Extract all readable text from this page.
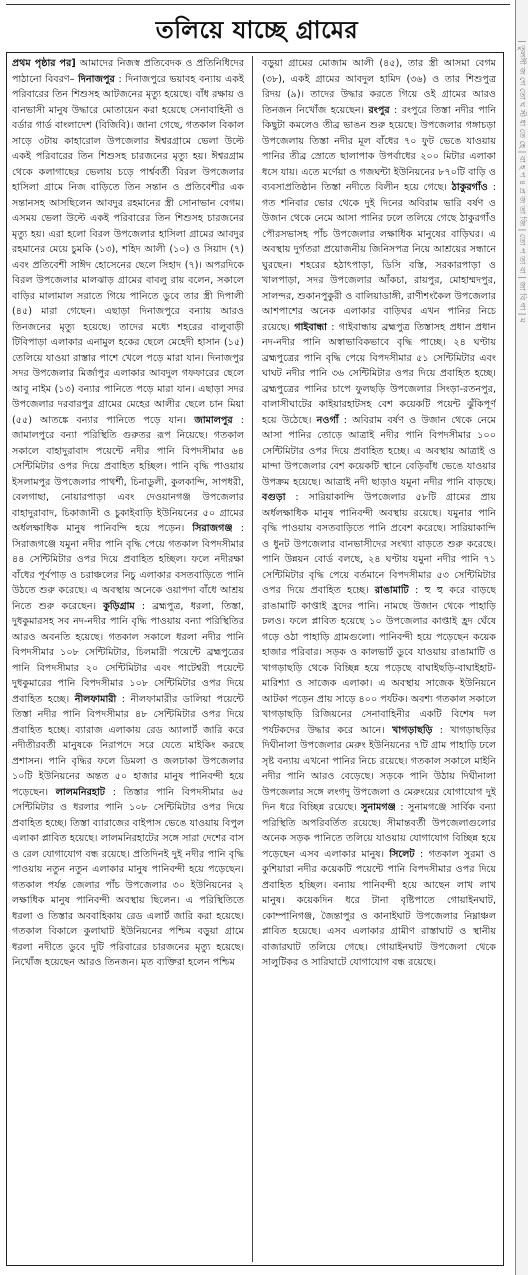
তলিয়ে যাচ্ছে গ্রামের

প্রথম পৃষ্ঠার পর] আমাদের নিজস্ব প্রতিবেদক ও প্রতিনিধিদের পাঠানো বিবরণ– দিনাজপুর : দিনাজপুরে ভয়াবহ বন্যায় একই পরিবারের তিন শিশুসহ আটজনের মৃত্যু হয়েছে। বাঁধ রক্ষায় ও বানভাসী মানুষ উদ্ধারে মোতায়েন করা হয়েছে সেনাবাহিনী ও বর্ডার গার্ড বাংলাদেশ (বিজিবি)। জানা গেছে, গতকাল বিকাল সাড়ে ৩টায় কাহারোল উপজেলার ঈশ্বরগ্রামে ভেলা উল্টে একই পরিবারের তিন শিশুসহ চারজনের মৃত্যু হয়। ঈশ্বরগ্রাম থেকে কলাগাছের ভেলায় চড়ে পার্শ্ববর্তী বিরল উপজেলার হাসিলা গ্রামে নিজ বাড়িতে তিন সন্তান ও প্রতিবেশীর এক সন্তানসহ আসছিলেন আবদুর রহমানের স্ত্রী সোনাভান বেগম। এসময় ভেলা উল্টে একই পরিবারের তিন শিশুসহ চারজনের মৃত্যু হয়। এরা হলো বিরল উপজেলার হাসিলা গ্রামের আবদুর রহমানের মেয়ে চুমকি (১৩), শহিদ আলী (১০) ও সিয়াদ (৭) এবং প্রতিবেশী সাঈদ হোসেনের ছেলে সিহাদ (৭)। অপরদিকে বিরল উপজেলার মালঝাড় গ্রামের বাবলু রায় বলেন, সকালে বাড়ির মালামাল সরাতে গিয়ে পানিতে ডুবে তার স্ত্রী দিপালী (৪৫) মারা গেছেন। এছাড়া দিনাজপুরে বন্যায় আরও তিনজনের মৃত্যু হয়েছে। তাদের মধ্যে শহরের বালুবাড়ী টিবিপাড়া এলাকার এনামুল হকের ছেলে মেহেদী হাসান (১৫) তেলিয়ে যাওয়া রাস্তার পাশে খেলে পড়ে মারা যান। দিনাজপুর সদর উপজেলার মির্জাপুর এলাকার আবদুল গফফারের ছেলে আবু নাইম (১৩) বন্যার পানিতে পড়ে মারা যান। এছাড়া সদর উপজেলার দরবারপুর গ্রামের মেহের আলীর ছেলে চান মিয়া (৫৫) আতঙ্কে বন্যার পানিতে পড়ে যান। জামালপুর : জামালপুরে বন্যা পরিস্থিতি গুরুতর রূপ নিয়েছে। গতকাল সকালে বাহাদুরাবাদ পয়েন্টে নদীর পানি বিপদসীমার ৬৪ সেন্টিমিটার ওপর দিয়ে প্রবাহিত হচ্ছিল। পানি বৃদ্ধি পাওয়ায় ইসলামপুর উপজেলার পাথর্শী, চিনাডুলী, কুলকান্দি, সাপধরী, বেলগাছা, নোয়ারপাড়া এবং দেওয়ানগঞ্জ উপজেলার বাহাদুরাবাদ, চিকাজানী ও চুকাইবাড়ি ইউনিয়নের ৫০ গ্রামের অর্ধলক্ষাধিক মানুষ পানিবন্দি হয়ে পড়েন। সিরাজগঞ্জ : সিরাজগঞ্জে যমুনা নদীর পানি বৃদ্ধি পেয়ে গতকাল বিপদসীমার ৪৪ সেন্টিমিটার ওপর দিয়ে প্রবাহিত হচ্ছিল। ফলে নদীরক্ষা বাঁধের পূর্বপাড় ও চরাঞ্চলের নিচু এলাকার বসতবাড়িতে পানি উঠতে শুরু করেছে। এ অবস্থায় অনেকে ওয়াপদা বাঁধে আশ্রয় নিতে শুরু করেছেন। কুড়িগ্রাম : ব্রহ্মপুত্র, ধরলা, তিস্তা, দুধকুমারসহ সব নদ-নদীর পানি বৃদ্ধি পাওয়ায় বন্যা পরিস্থিতির আরও অবনতি হয়েছে। গতকাল সকালে ধরলা নদীর পানি বিপদসীমার ১০৮ সেন্টিমিটার, চিলমারী পয়েন্টে ব্রহ্মপুত্রের পানি বিপদসীমার ২০ সেন্টিমিটার এবং পাটেশ্বরী পয়েন্টে দুধকুমারের পানি বিপদসীমার ১০৮ সেন্টিমিটার ওপর দিয়ে প্রবাহিত হচ্ছে। নীলফামারী : নীলফামারীর ডালিয়া পয়েন্টে তিস্তা নদীর পানি বিপদসীমার ৪৮ সেন্টিমিটার ওপর দিয়ে প্রবাহিত হচ্ছে। ব্যারাজ এলাকায় রেড অ্যালার্ট জারি করে নদীতীরবর্তী মানুষকে নিরাপদে সরে যেতে মাইকিং করছে প্রশাসন। পানি বৃদ্ধির ফলে ডিমলা ও জলঢাকা উপজেলার ১০টি ইউনিয়নের অন্তত ৫০ হাজার মানুষ পানিবন্দী হয়ে পড়েছেন। লালমনিরহাট : তিস্তার পানি বিপদসীমার ৬৫ সেন্টিমিটার ও ধরলার পানি ১০৮ সেন্টিমিটার ওপর দিয়ে প্রবাহিত হচ্ছে। তিস্তা ব্যারাজের বাইপাস ভেঙে যাওয়ায় বিপুল এলাকা প্লাবিত হয়েছে। লালমনিরহাটের সঙ্গে সারা দেশের বাস ও রেল যোগাযোগ বন্ধ রয়েছে। প্রতিদিনই দুই নদীর পানি বৃদ্ধি পাওয়ায় নতুন নতুন এলাকার মানুষ পানিবন্দী হয়ে পড়েছেন। গতকাল পর্যন্ত জেলার পাঁচ উপজেলার ৩০ ইউনিয়নের ২ লক্ষাধিক মানুষ পানিবন্দী অবস্থায় ছিলেন। এ পরিস্থিতিতে ধরলা ও তিস্তার অববাহিকায় রেড এলার্ট জারি করা হয়েছে। গতকাল বিকালে কুলাঘাট ইউনিয়নের পশ্চিম বড়ুয়া গ্রামে ধরলা নদীতে ডুবে দুটি পরিবারের চারজনের মৃত্যু হয়েছে। নিখোঁজ হয়েছেন আরও তিনজন। মৃত ব্যক্তিরা হলেন পশ্চিম

বড়ুয়া গ্রামের মোজাম আলী (৪৫), তার স্ত্রী আসমা বেগম (৩৮), একই গ্রামের আবদুল হামিদ (৩৬) ও তার শিশুপুত্র রিদয় (৯)। তাদের উদ্ধার করতে গিয়ে ওই গ্রামের আরও তিনজন নিখোঁজ হয়েছেন। রংপুর : রংপুরে তিস্তা নদীর পানি কিছুটা কমলেও তীব্র ভাঙন শুরু হয়েছে। উপজেলার গঙ্গাচড়া উপজেলায় তিস্তা নদীর মূল বাঁধের ৭০ ফুট ভেঙে যাওয়ায় পানির তীব্র স্রোতে ছালাপাক উপর্বাধের ২০০ মিটার এলাকা ধসে যায়। এতে মর্ণেয়া ও গজঘন্টা ইউনিয়নের ৮৭০টি বাড়ি ও ব্যবসাপ্রতিষ্ঠান তিস্তা নদীতে বিলীন হয়ে গেছে। ঠাকুরগাঁও : গত শনিবার ভোর থেকে দুই দিনের অবিরাম ভারি বর্ষণ ও উজান থেকে নেমে আসা পানির ঢলে তলিয়ে গেছে ঠাকুরগাঁও পৌরসভাসহ পাঁচ উপজেলার লক্ষাধিক মানুষের বাড়িঘর। এ অবস্থায় দুর্গতরা প্রয়োজনীয় জিনিসপত্র নিয়ে আশ্রয়ের সন্ধানে ঘুরছেন। শহরের হঠাৎপাড়া, ডিসি বস্তি, সরকারপাড়া ও খালপাড়া, সদর উপজেলার আঁকচা, রায়পুর, মোহাম্মদপুর, সালন্দর, শুকানপুকুরী ও বালিয়াডাঙ্গী, রাণীশংকৈল উপজেলার আশপাশের অনেক এলাকার বাড়িঘর এখন পানির নিচে রয়েছে। গাইবান্ধা : গাইবান্ধায় ব্রহ্মপুত্র তিস্তাসহ প্রধান প্রধান নদ-নদীর পানি অস্বাভাবিকভাবে বৃদ্ধি পাচ্ছে। ২৪ ঘণ্টায় ব্রহ্মপুত্রের পানি বৃদ্ধি পেয়ে বিপদসীমার ৫১ সেন্টিমিটার এবং ঘাঘট নদীর পানি ৩৬ সেন্টিমিটার ওপর দিয়ে প্রবাহিত হচ্ছে। ব্রহ্মপুত্রের পানির চাপে ফুলছড়ি উপজেলার সিংড়া-রতনপুর, বালাসীঘাটের কাইয়ারহাটসহ বেশ কয়েকটি পয়েন্ট ঝুঁকিপূর্ণ হয়ে উঠেছে। নওগাঁ : অবিরাম বর্ষণ ও উজান থেকে নেমে আসা পানির তোড়ে আত্রাই নদীর পানি বিপদসীমার ১০০ সেন্টিমিটার ওপর দিয়ে প্রবাহিত হচ্ছে। এ অবস্থায় আত্রাই ও মান্দা উপজেলার বেশ কয়েকটি স্থানে বেড়িবাঁধ ভেঙে যাওয়ার উপক্রম হয়েছে। আত্রাই নদী ছাড়াও যমুনা নদীর পানি বাড়ছে। বগুড়া : সারিয়াকান্দি উপজেলার ৫৮টি গ্রামের প্রায় অর্ধলক্ষাধিক মানুষ পানিবন্দী অবস্থায় রয়েছে। যমুনার পানি বৃদ্ধি পাওয়ায় বসতবাড়িতে পানি প্রবেশ করেছে। সারিয়াকান্দি ও ধুনট উপজেলার বানভাসীদের সংখ্যা বাড়তে শুরু করেছে। পানি উন্নয়ন বোর্ড বলছে, ২৪ ঘণ্টায় যমুনা নদীর পানি ৭১ সেন্টিমিটার বৃদ্ধি পেয়ে বর্তমানে বিপদসীমার ৫৩ সেন্টিমিটার ওপর দিয়ে প্রবাহিত হচ্ছে। রাঙামাটি : হু হু করে বাড়ছে রাঙামাটি কাপ্তাই হ্রদের পানি। নামছে উজান থেকে পাহাড়ি ঢলও। ফলে প্লাবিত হয়েছে ১০ উপজেলার কাপ্তাই হ্রদ ঘেঁষে গড়ে ওঠা পাহাড়ি গ্রামগুলো। পানিবন্দী হয়ে পড়েছেন কয়েক হাজার পরিবার। সড়ক ও কালভার্ট ডুবে যাওয়ায় রাঙামাটি ও খাগড়াছড়ি থেকে বিচ্ছিন্ন হয়ে পড়েছে বাঘাইছড়ি-বাঘাইহাট-মারিশ্যা ও সাজেক এলাকা। এ অবস্থায় সাজেক ইউনিয়নে আটকা পড়েন প্রায় সাড়ে ৪০০ পর্যটক। অবশ্য গতকাল সকালে খাগড়াছড়ি রিজিয়নের সেনাবাহিনীর একটি বিশেষ দল পর্যটকদের উদ্ধার করে আনে। খাগড়াছড়ি : খাগড়াছড়ির দিঘীনালা উপজেলার মেরুং ইউনিয়নের ৭টি গ্রাম পাহাড়ি ঢলে সৃষ্ট বন্যায় এখনো পানির নিচে রয়েছে। গতকাল সকালে মাইনি নদীর পানি আরও বেড়েছে। সড়কে পানি উঠায় দিঘীনালা উপজেলার সঙ্গে লংগদু উপজেলা ও মেরুংয়ের যোগাযোগ দুই দিন ধরে বিচ্ছিন্ন রয়েছে। সুনামগঞ্জ : সুনামগঞ্জে সার্বিক বন্যা পরিস্থিতি অপরিবর্তিত রয়েছে। সীমান্তবর্তী উপজেলাগুলোর অনেক সড়ক পানিতে তলিয়ে যাওয়ায় যোগাযোগ বিচ্ছিন্ন হয়ে পড়েছেন এসব এলাকার মানুষ। সিলেট : গতকাল সুরমা ও কুশিয়ারা নদীর কয়েকটি পয়েন্টে পানি বিপদসীমার ওপর দিয়ে প্রবাহিত হচ্ছিল। বন্যায় পানিবন্দী হয়ে আছেন লাখ লাখ মানুষ। কয়েকদিন ধরে টানা বৃষ্টিপাতে গোয়াইনঘাট, কোম্পানিগঞ্জ, জৈন্তাপুর ও কানাইঘাট উপজেলার নিম্নাঞ্চল প্লাবিত হয়েছে। এসব এলাকার গ্রামীণ রাস্তাঘাট ও স্থানীয় বাজারঘাট তলিয়ে গেছে। গোয়াইনঘাট উপজেলা থেকে সালুটিকর ও সারিঘাটে যোগাযোগ বন্ধ রয়েছে।

| তুলসী জ গে তো ঘ স্ট ধা তে হে | বা হ প ৪ প্র জ তা জি | তো প তা বা | জা বি গা | ম
